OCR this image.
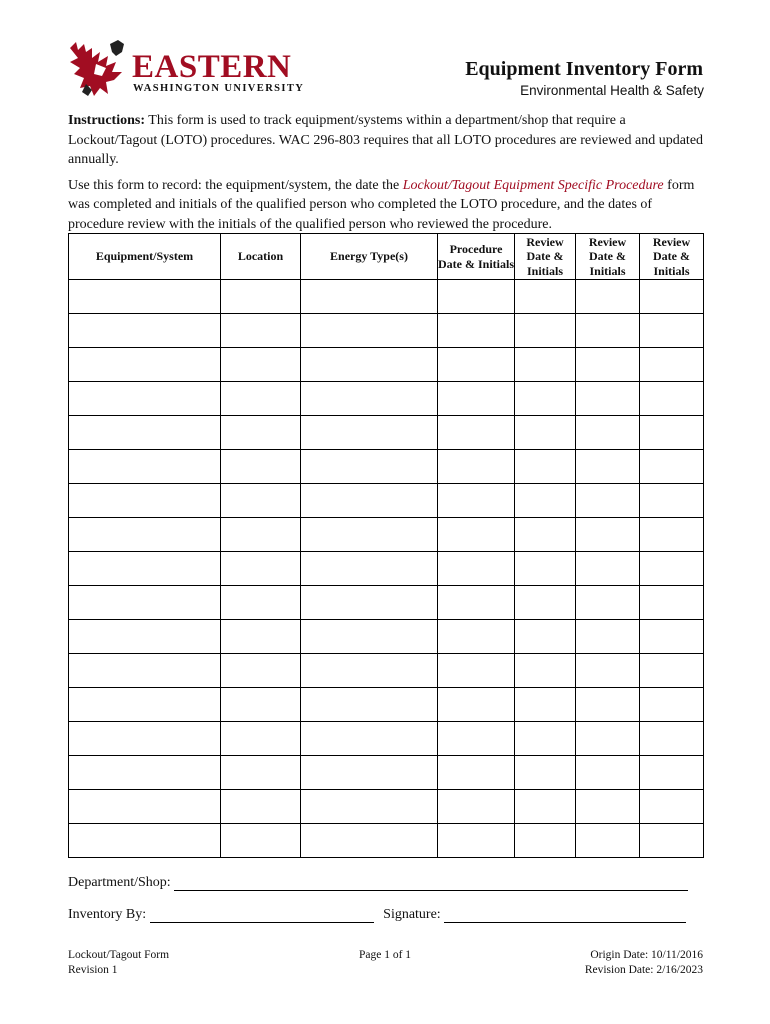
EASTERN
WASHINGTON UNIVERSITY
Equipment Inventory Form
Environmental Health & Safety

Instructions: This form is used to track equipment/systems within a department/shop that require a Lockout/Tagout (LOTO) procedures. WAC 296-803 requires that all LOTO procedures are reviewed and updated annually.

Use this form to record: the equipment/system, the date the Lockout/Tagout Equipment Specific Procedure form was completed and initials of the qualified person who completed the LOTO procedure, and the dates of procedure review with the initials of the qualified person who reviewed the procedure.

Equipment/System	Location	Energy Type(s)	Procedure Date & Initials	Review Date & Initials	Review Date & Initials	Review Date & Initials

Department/Shop:
Inventory By:	Signature:
Lockout/Tagout Form
Revision 1
Page 1 of 1	Origin Date: 10/11/2016
Revision Date: 2/16/2023
